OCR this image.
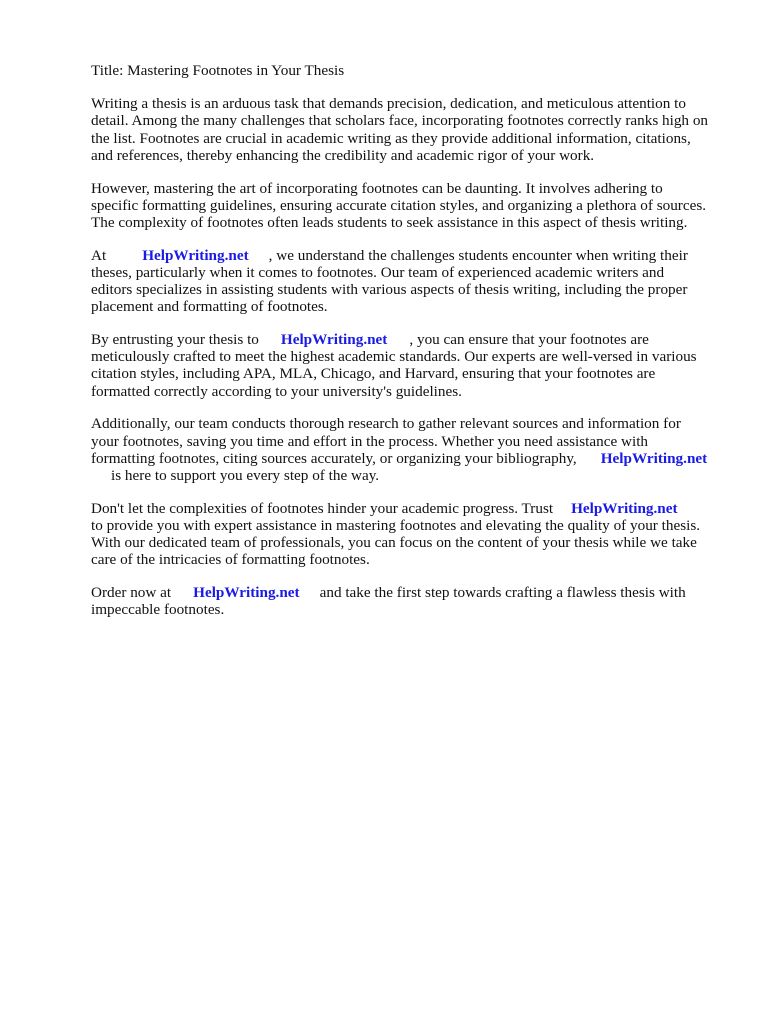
Title: Mastering Footnotes in Your Thesis
Writing a thesis is an arduous task that demands precision, dedication, and meticulous attention to
detail. Among the many challenges that scholars face, incorporating footnotes correctly ranks high on
the list. Footnotes are crucial in academic writing as they provide additional information, citations,
and references, thereby enhancing the credibility and academic rigor of your work.
However, mastering the art of incorporating footnotes can be daunting. It involves adhering to
specific formatting guidelines, ensuring accurate citation styles, and organizing a plethora of sources.
The complexity of footnotes often leads students to seek assistance in this aspect of thesis writing.
At HelpWriting.net , we understand the challenges students encounter when writing their
theses, particularly when it comes to footnotes. Our team of experienced academic writers and
editors specializes in assisting students with various aspects of thesis writing, including the proper
placement and formatting of footnotes.
By entrusting your thesis to HelpWriting.net , you can ensure that your footnotes are
meticulously crafted to meet the highest academic standards. Our experts are well-versed in various
citation styles, including APA, MLA, Chicago, and Harvard, ensuring that your footnotes are
formatted correctly according to your university's guidelines.
Additionally, our team conducts thorough research to gather relevant sources and information for
your footnotes, saving you time and effort in the process. Whether you need assistance with
formatting footnotes, citing sources accurately, or organizing your bibliography, HelpWriting.net
is here to support you every step of the way.
Don't let the complexities of footnotes hinder your academic progress. Trust HelpWriting.net
to provide you with expert assistance in mastering footnotes and elevating the quality of your thesis.
With our dedicated team of professionals, you can focus on the content of your thesis while we take
care of the intricacies of formatting footnotes.
Order now at HelpWriting.net and take the first step towards crafting a flawless thesis with
impeccable footnotes.
